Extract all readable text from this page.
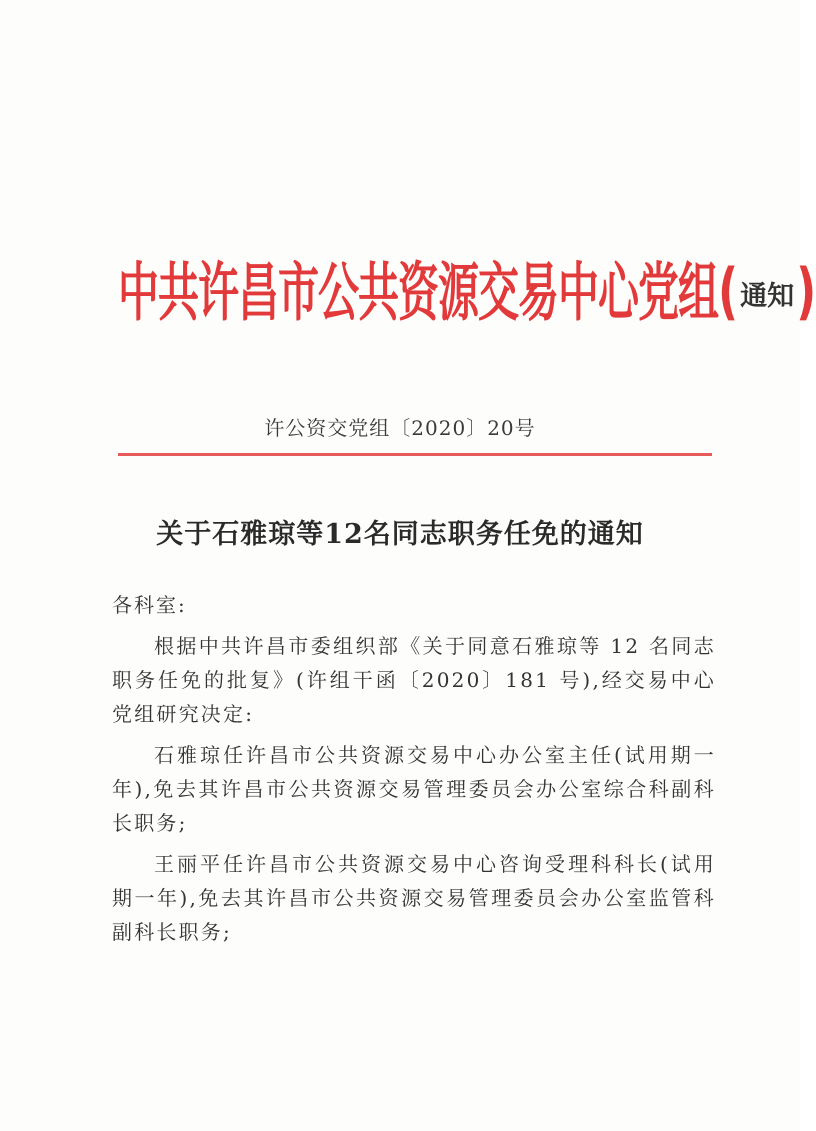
中共许昌市公共资源交易中心党组(通知)
许公资交党组〔2020〕20号
关于石雅琼等12名同志职务任免的通知

各科室:

根据中共许昌市委组织部《关于同意石雅琼等 12 名同志职务任免的批复》(许组干函〔2020〕181 号),经交易中心党组研究决定:

石雅琼任许昌市公共资源交易中心办公室主任(试用期一年),免去其许昌市公共资源交易管理委员会办公室综合科副科长职务;

王丽平任许昌市公共资源交易中心咨询受理科科长(试用期一年),免去其许昌市公共资源交易管理委员会办公室监管科副科长职务;
